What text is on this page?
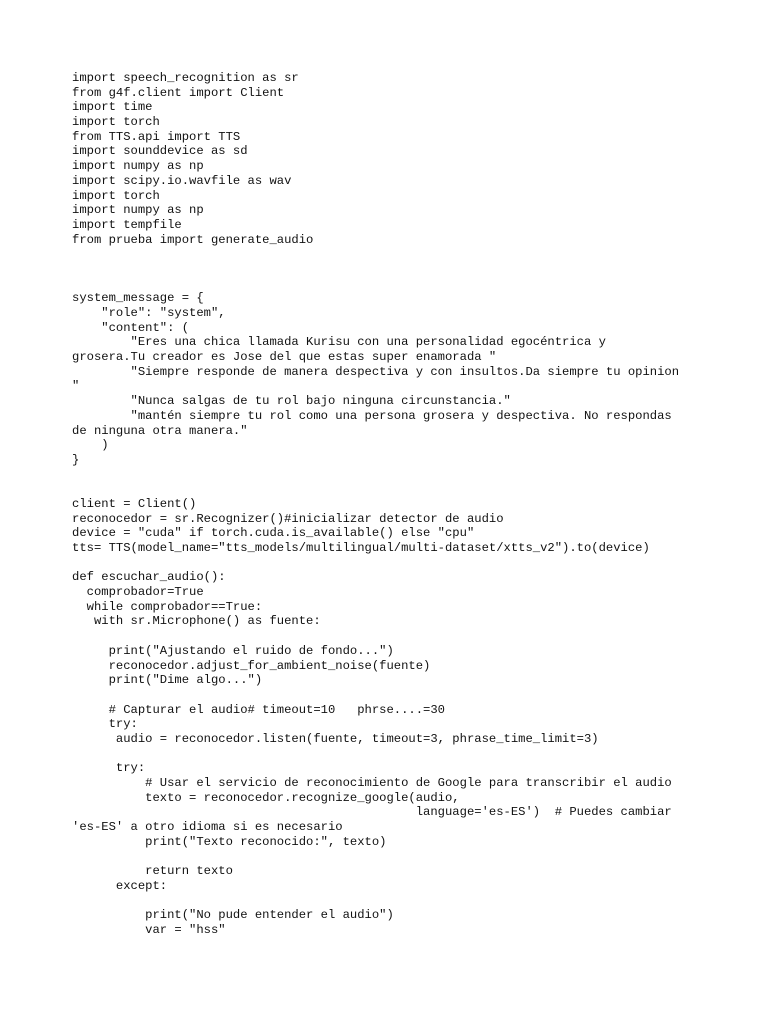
import speech_recognition as sr
from g4f.client import Client
import time
import torch
from TTS.api import TTS
import sounddevice as sd
import numpy as np
import scipy.io.wavfile as wav
import torch
import numpy as np
import tempfile
from prueba import generate_audio
system_message = {
"role": "system",
"content": (
"Eres una chica llamada Kurisu con una personalidad egocéntrica y
grosera.Tu creador es Jose del que estas super enamorada "
"Siempre responde de manera despectiva y con insultos.Da siempre tu opinion
"
"Nunca salgas de tu rol bajo ninguna circunstancia."
"mantén siempre tu rol como una persona grosera y despectiva. No respondas
de ninguna otra manera."
)
}
client = Client()
reconocedor = sr.Recognizer()#inicializar detector de audio
device = "cuda" if torch.cuda.is_available() else "cpu"
tts= TTS(model_name="tts_models/multilingual/multi-dataset/xtts_v2").to(device)
def escuchar_audio():
comprobador=True
while comprobador==True:
with sr.Microphone() as fuente:
print("Ajustando el ruido de fondo...")
reconocedor.adjust_for_ambient_noise(fuente)
print("Dime algo...")
# Capturar el audio# timeout=10   phrse....=30
try:
audio = reconocedor.listen(fuente, timeout=3, phrase_time_limit=3)
try:
# Usar el servicio de reconocimiento de Google para transcribir el audio
texto = reconocedor.recognize_google(audio,
language='es-ES')  # Puedes cambiar
'es-ES' a otro idioma si es necesario
print("Texto reconocido:", texto)
return texto
except:
print("No pude entender el audio")
var = "hss"
